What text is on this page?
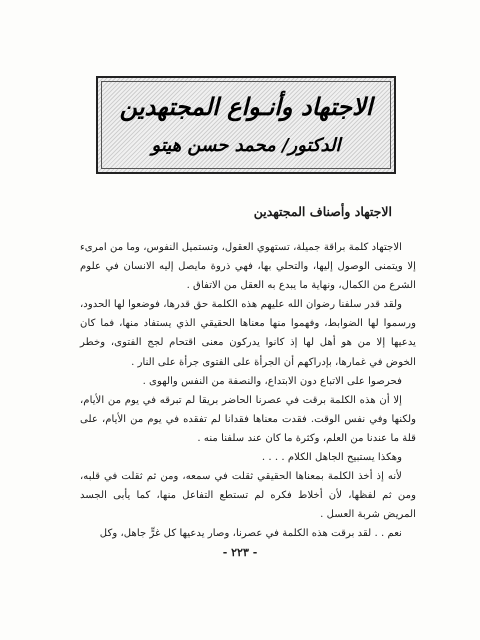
الاجتهاد وأنـواع المجتهدين
الدكتور/ محمد حسن هيتو
الاجتهاد وأصناف المجتهدين

الاجتهاد كلمة براقة جميلة، تستهوي العقول، وتستميل النفوس، وما من امرىء إلا ويتمنى الوصول إليها، والتحلي بها، فهي ذروة مايصل إليه الانسان في علوم الشرع من الكمال، ونهاية ما يبدع به العقل من الاتفاق .

ولقد قدر سلفنا رضوان الله عليهم هذه الكلمة حق قدرها، فوضعوا لها الحدود، ورسموا لها الضوابط، وفهموا منها معناها الحقيقي الذي يستفاد منها، فما كان يدعيها إلا من هو أهل لها إذ كانوا يدركون معنى اقتحام لجج الفتوى، وخطر الخوض في غمارها، بإدراكهم أن الجرأة على الفتوى جرأة على النار .

فحرصوا على الاتباع دون الابتداع، والنصفة من النفس والهوى .

إلا أن هذه الكلمة برقت في عصرنا الحاضر بريقا لم تبرقه في يوم من الأيام، ولكنها وفي نفس الوقت. فقدت معناها فقدانا لم تفقده في يوم من الأيام، على قلة ما عندنا من العلم، وكثرة ما كان عند سلفنا منه .

وهكذا يستبيح الجاهل الكلام . . . .

لأنه إذ أخذ الكلمة بمعناها الحقيقي ثقلت في سمعه، ومن ثم ثقلت في قلبه، ومن ثم لفظها، لأن أخلاط فكره لم تستطع التفاعل منها، كما يأبى الجسد المريض شربة العسل .

نعم . . لقد برقت هذه الكلمة في عصرنا، وصار يدعيها كل غرٍّ جاهل، وكل

- ٢٢٣ -
